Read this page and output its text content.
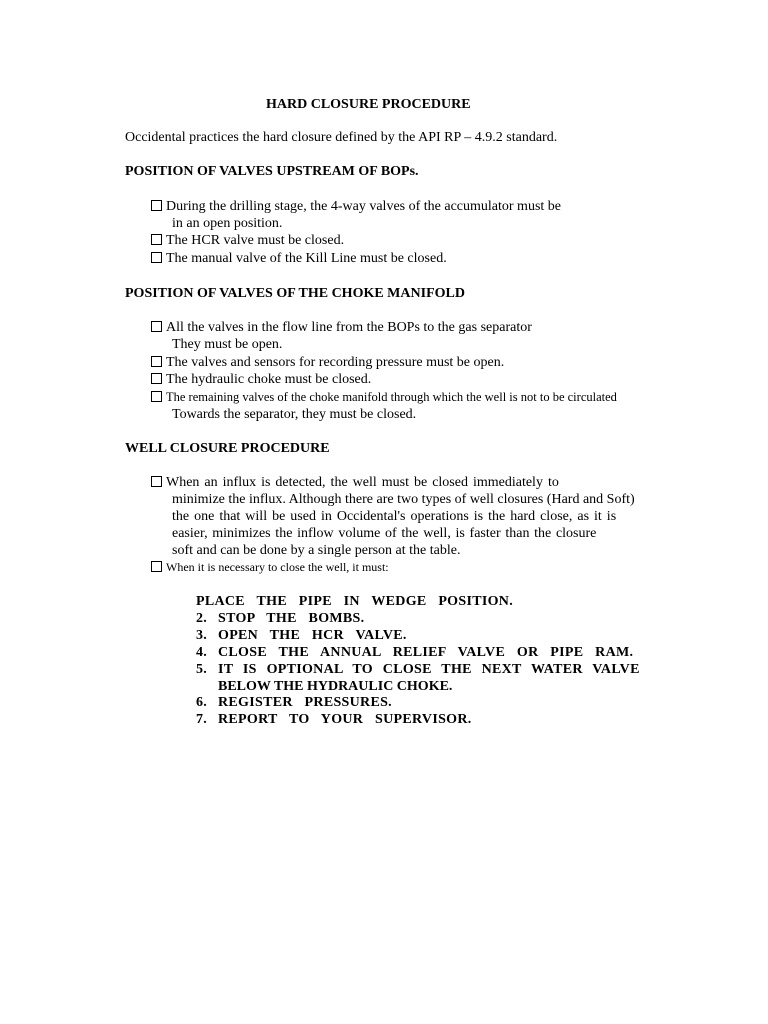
HARD CLOSURE PROCEDURE
Occidental practices the hard closure defined by the API RP – 4.9.2 standard.
POSITION OF VALVES UPSTREAM OF BOPs.
During the drilling stage, the 4-way valves of the accumulator must be
in an open position.
The HCR valve must be closed.
The manual valve of the Kill Line must be closed.
POSITION OF VALVES OF THE CHOKE MANIFOLD
All the valves in the flow line from the BOPs to the gas separator
They must be open.
The valves and sensors for recording pressure must be open.
The hydraulic choke must be closed.
The remaining valves of the choke manifold through which the well is not to be circulated
Towards the separator, they must be closed.
WELL CLOSURE PROCEDURE
When an influx is detected, the well must be closed immediately to
minimize the influx. Although there are two types of well closures (Hard and Soft)
the one that will be used in Occidental's operations is the hard close, as it is
easier, minimizes the inflow volume of the well, is faster than the closure
soft and can be done by a single person at the table.
When it is necessary to close the well, it must:
PLACE THE PIPE IN WEDGE POSITION.
2. STOP THE BOMBS.
3. OPEN THE HCR VALVE.
4. CLOSE THE ANNUAL RELIEF VALVE OR PIPE RAM.
5. IT IS OPTIONAL TO CLOSE THE NEXT WATER VALVE
BELOW THE HYDRAULIC CHOKE.
6. REGISTER PRESSURES.
7. REPORT TO YOUR SUPERVISOR.
